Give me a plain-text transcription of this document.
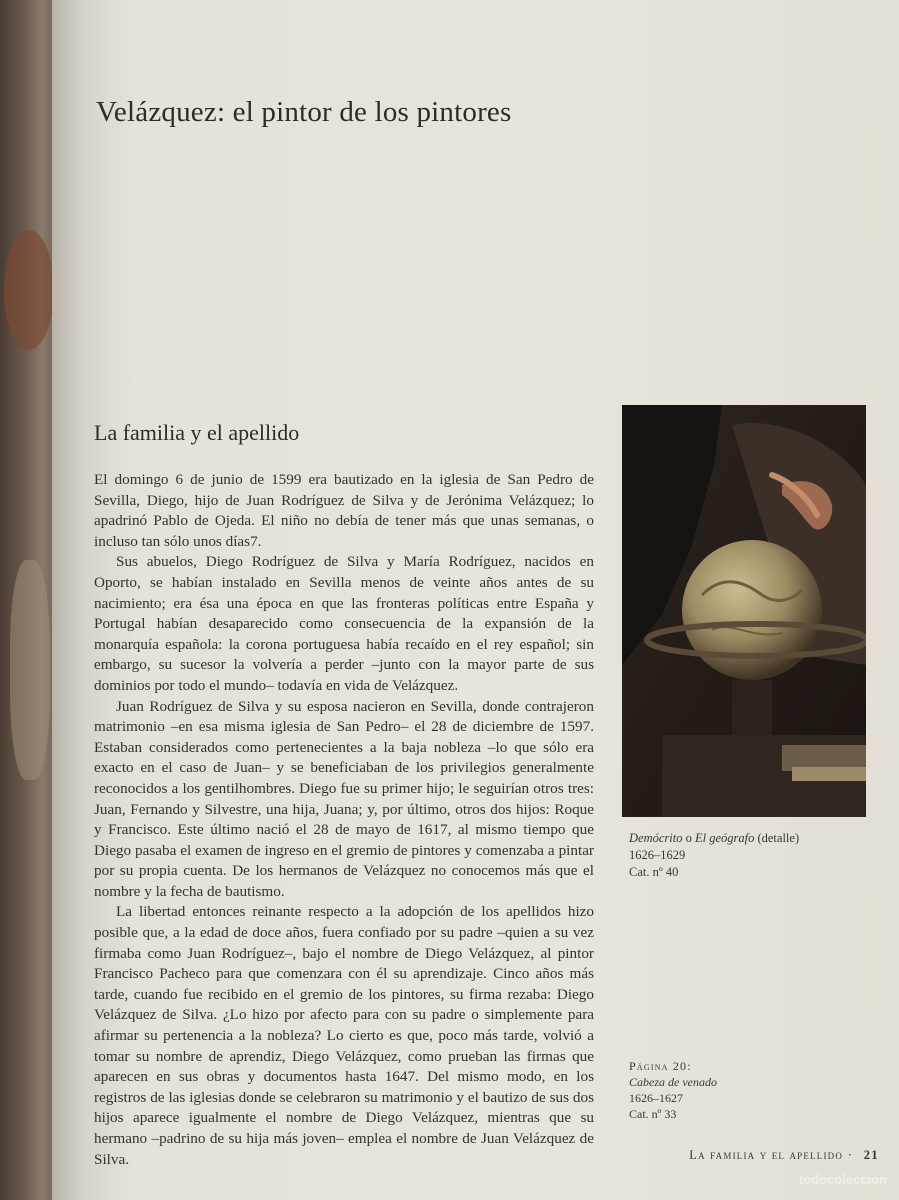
Velázquez: el pintor de los pintores
La familia y el apellido

El domingo 6 de junio de 1599 era bautizado en la iglesia de San Pedro de Sevilla, Diego, hijo de Juan Rodríguez de Silva y de Jerónima Velázquez; lo apadrinó Pablo de Ojeda. El niño no debía de tener más que unas semanas, o incluso tan sólo unos días7.

Sus abuelos, Diego Rodríguez de Silva y María Rodríguez, nacidos en Oporto, se habían instalado en Sevilla menos de veinte años antes de su nacimiento; era ésa una época en que las fronteras políticas entre España y Portugal habían desaparecido como consecuencia de la expansión de la monarquía española: la corona portuguesa había recaído en el rey español; sin embargo, su sucesor la volvería a perder –junto con la mayor parte de sus dominios por todo el mundo– todavía en vida de Velázquez.

Juan Rodríguez de Silva y su esposa nacieron en Sevilla, donde contrajeron matrimonio –en esa misma iglesia de San Pedro– el 28 de diciembre de 1597. Estaban considerados como pertenecientes a la baja nobleza –lo que sólo era exacto en el caso de Juan– y se beneficiaban de los privilegios generalmente reconocidos a los gentilhombres. Diego fue su primer hijo; le seguirían otros tres: Juan, Fernando y Silvestre, una hija, Juana; y, por último, otros dos hijos: Roque y Francisco. Este último nació el 28 de mayo de 1617, al mismo tiempo que Diego pasaba el examen de ingreso en el gremio de pintores y comenzaba a pintar por su propia cuenta. De los hermanos de Velázquez no conocemos más que el nombre y la fecha de bautismo.

La libertad entonces reinante respecto a la adopción de los apellidos hizo posible que, a la edad de doce años, fuera confiado por su padre –quien a su vez firmaba como Juan Rodríguez–, bajo el nombre de Diego Velázquez, al pintor Francisco Pacheco para que comenzara con él su aprendizaje. Cinco años más tarde, cuando fue recibido en el gremio de los pintores, su firma rezaba: Diego Velázquez de Silva. ¿Lo hizo por afecto para con su padre o simplemente para afirmar su pertenencia a la nobleza? Lo cierto es que, poco más tarde, volvió a tomar su nombre de aprendiz, Diego Velázquez, como prueban las firmas que aparecen en sus obras y documentos hasta 1647. Del mismo modo, en los registros de las iglesias donde se celebraron su matrimonio y el bautizo de sus dos hijos aparece igualmente el nombre de Diego Velázquez, mientras que su hermano –padrino de su hija más joven– emplea el nombre de Juan Velázquez de Silva.

Demócrito o El geógrafo (detalle)
1626–1629
Cat. nº 40
Página 20:
Cabeza de venado
1626–1627
Cat. nº 33
La familia y el apellido · 21
todocoleccion
